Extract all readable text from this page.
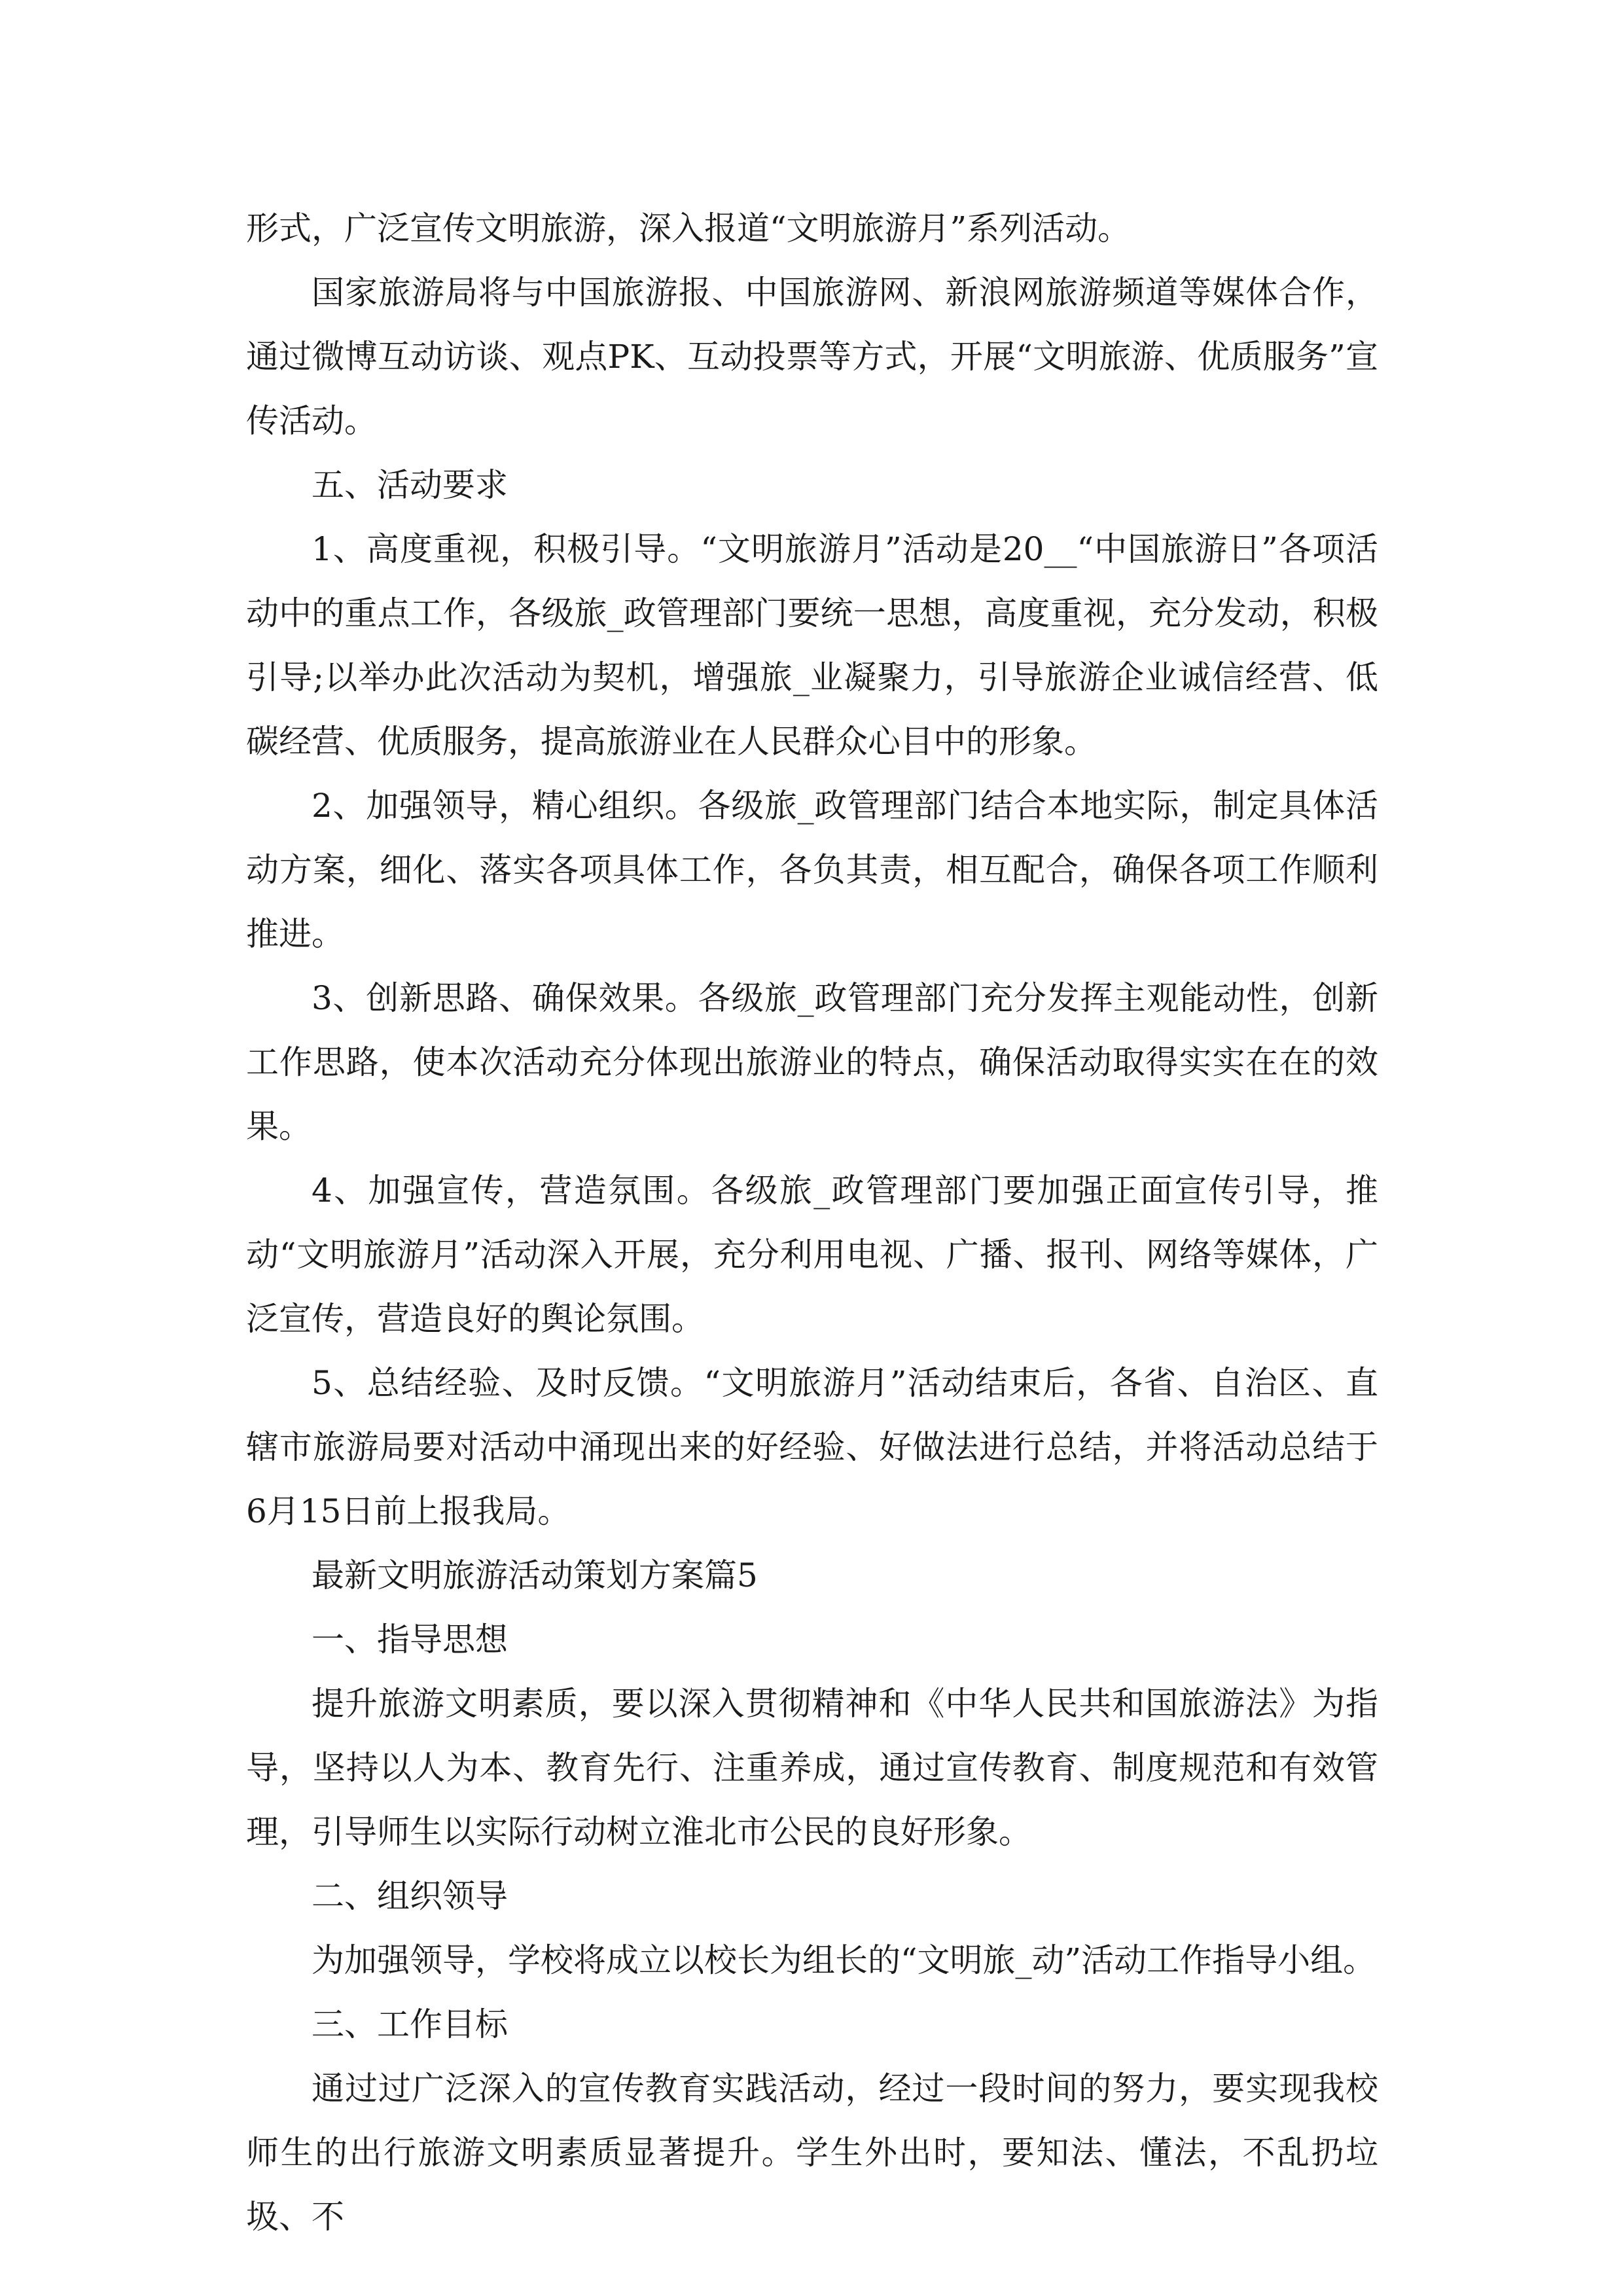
形式，广泛宣传文明旅游，深入报道“文明旅游月”系列活动。

国家旅游局将与中国旅游报、中国旅游网、新浪网旅游频道等媒体合作，通过微博互动访谈、观点PK、互动投票等方式，开展“文明旅游、优质服务”宣传活动。

五、活动要求

1、高度重视，积极引导。“文明旅游月”活动是20__“中国旅游日”各项活动中的重点工作，各级旅_政管理部门要统一思想，高度重视，充分发动，积极引导;以举办此次活动为契机，增强旅_业凝聚力，引导旅游企业诚信经营、低碳经营、优质服务，提高旅游业在人民群众心目中的形象。

2、加强领导，精心组织。各级旅_政管理部门结合本地实际，制定具体活动方案，细化、落实各项具体工作，各负其责，相互配合，确保各项工作顺利推进。

3、创新思路、确保效果。各级旅_政管理部门充分发挥主观能动性，创新工作思路，使本次活动充分体现出旅游业的特点，确保活动取得实实在在的效果。

4、加强宣传，营造氛围。各级旅_政管理部门要加强正面宣传引导，推动“文明旅游月”活动深入开展，充分利用电视、广播、报刊、网络等媒体，广泛宣传，营造良好的舆论氛围。

5、总结经验、及时反馈。“文明旅游月”活动结束后，各省、自治区、直辖市旅游局要对活动中涌现出来的好经验、好做法进行总结，并将活动总结于6月15日前上报我局。

最新文明旅游活动策划方案篇5

一、指导思想

提升旅游文明素质，要以深入贯彻精神和《中华人民共和国旅游法》为指导，坚持以人为本、教育先行、注重养成，通过宣传教育、制度规范和有效管理，引导师生以实际行动树立淮北市公民的良好形象。

二、组织领导

为加强领导，学校将成立以校长为组长的“文明旅_动”活动工作指导小组。

三、工作目标

通过过广泛深入的宣传教育实践活动，经过一段时间的努力，要实现我校师生的出行旅游文明素质显著提升。学生外出时，要知法、懂法，不乱扔垃圾、不
